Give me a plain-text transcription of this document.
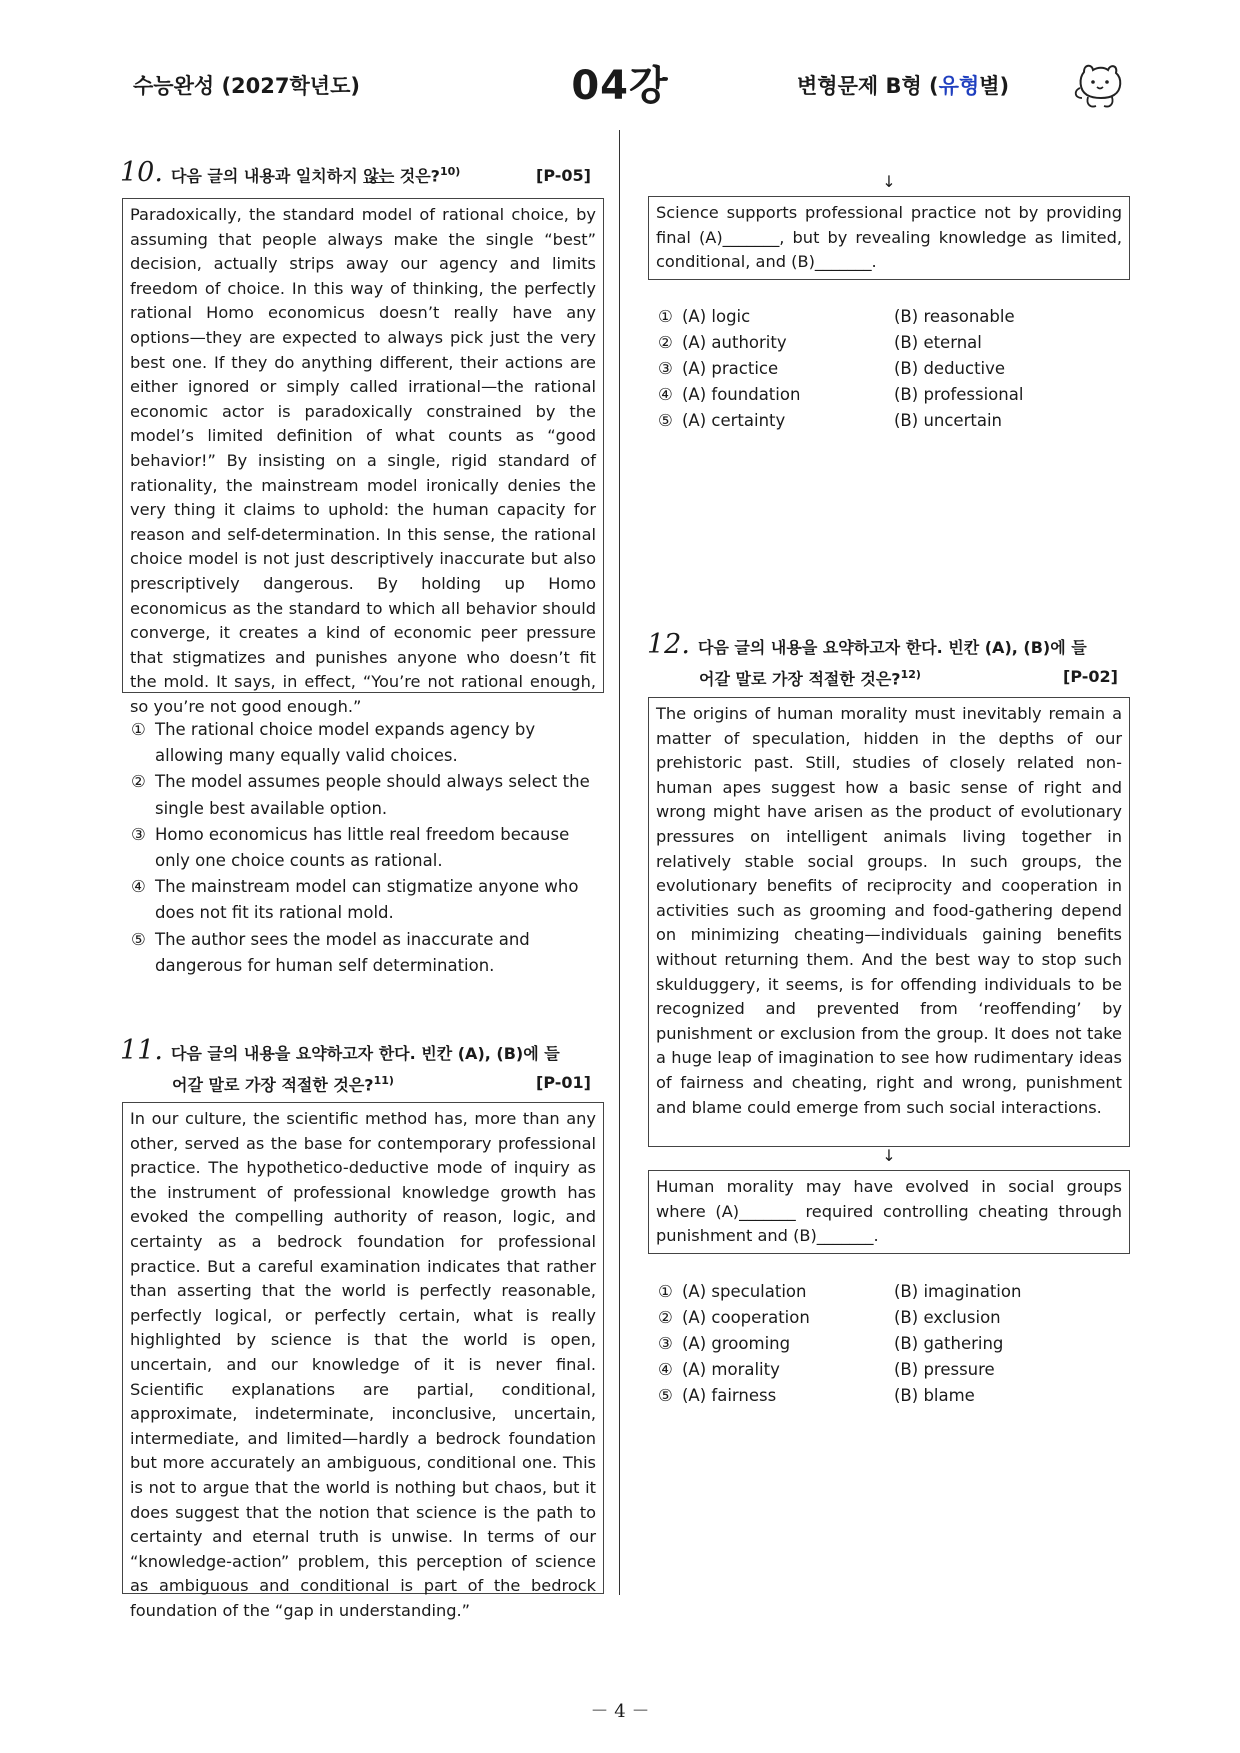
수능완성 (2027학년도)	04강	변형문제 B형 (유형별)
10. 다음 글의 내용과 일치하지 않는 것은?$^{10)}$	[P-05]
Paradoxically, the standard model of rational choice, by assuming that people always make the single “best” decision, actually strips away our agency and limits freedom of choice. In this way of thinking, the perfectly rational Homo economicus doesn’t really have any options—they are expected to always pick just the very best one. If they do anything different, their actions are either ignored or simply called irrational—the rational economic actor is paradoxically constrained by the model’s limited definition of what counts as “good behavior!” By insisting on a single, rigid standard of rationality, the mainstream model ironically denies the very thing it claims to uphold: the human capacity for reason and self-determination. In this sense, the rational choice model is not just descriptively inaccurate but also prescriptively dangerous. By holding up Homo economicus as the standard to which all behavior should converge, it creates a kind of economic peer pressure that stigmatizes and punishes anyone who doesn’t fit the mold. It says, in effect, “You’re not rational enough, so you’re not good enough.”
① The rational choice model expands agency by allowing many equally valid choices.
② The model assumes people should always select the single best available option.
③ Homo economicus has little real freedom because only one choice counts as rational.
④ The mainstream model can stigmatize anyone who does not fit its rational mold.
⑤ The author sees the model as inaccurate and dangerous for human self determination.
11. 다음 글의 내용을 요약하고자 한다. 빈칸 (A), (B)에 들
어갈 말로 가장 적절한 것은?$^{11)}$	[P-01]
In our culture, the scientific method has, more than any other, served as the base for contemporary professional practice. The hypothetico-deductive mode of inquiry as the instrument of professional knowledge growth has evoked the compelling authority of reason, logic, and certainty as a bedrock foundation for professional practice. But a careful examination indicates that rather than asserting that the world is perfectly reasonable, perfectly logical, or perfectly certain, what is really highlighted by science is that the world is open, uncertain, and our knowledge of it is never final. Scientific explanations are partial, conditional, approximate, indeterminate, inconclusive, uncertain, intermediate, and limited—hardly a bedrock foundation but more accurately an ambiguous, conditional one. This is not to argue that the world is nothing but chaos, but it does suggest that the notion that science is the path to certainty and eternal truth is unwise. In terms of our “knowledge-action” problem, this perception of science as ambiguous and conditional is part of the bedrock foundation of the “gap in understanding.”
↓
Science supports professional practice not by providing final (A)_______, but by revealing knowledge as limited, conditional, and (B)_______.
① (A) logic	(B) reasonable
② (A) authority	(B) eternal
③ (A) practice	(B) deductive
④ (A) foundation	(B) professional
⑤ (A) certainty	(B) uncertain
12. 다음 글의 내용을 요약하고자 한다. 빈칸 (A), (B)에 들
어갈 말로 가장 적절한 것은?$^{12)}$	[P-02]
The origins of human morality must inevitably remain a matter of speculation, hidden in the depths of our prehistoric past. Still, studies of closely related non-human apes suggest how a basic sense of right and wrong might have arisen as the product of evolutionary pressures on intelligent animals living together in relatively stable social groups. In such groups, the evolutionary benefits of reciprocity and cooperation in activities such as grooming and food-gathering depend on minimizing cheating—individuals gaining benefits without returning them. And the best way to stop such skulduggery, it seems, is for offending individuals to be recognized and prevented from ‘reoffending’ by punishment or exclusion from the group. It does not take a huge leap of imagination to see how rudimentary ideas of fairness and cheating, right and wrong, punishment and blame could emerge from such social interactions.
↓
Human morality may have evolved in social groups where (A)_______ required controlling cheating through punishment and (B)_______.
① (A) speculation	(B) imagination
② (A) cooperation	(B) exclusion
③ (A) grooming	(B) gathering
④ (A) morality	(B) pressure
⑤ (A) fairness	(B) blame
－ 4 －
